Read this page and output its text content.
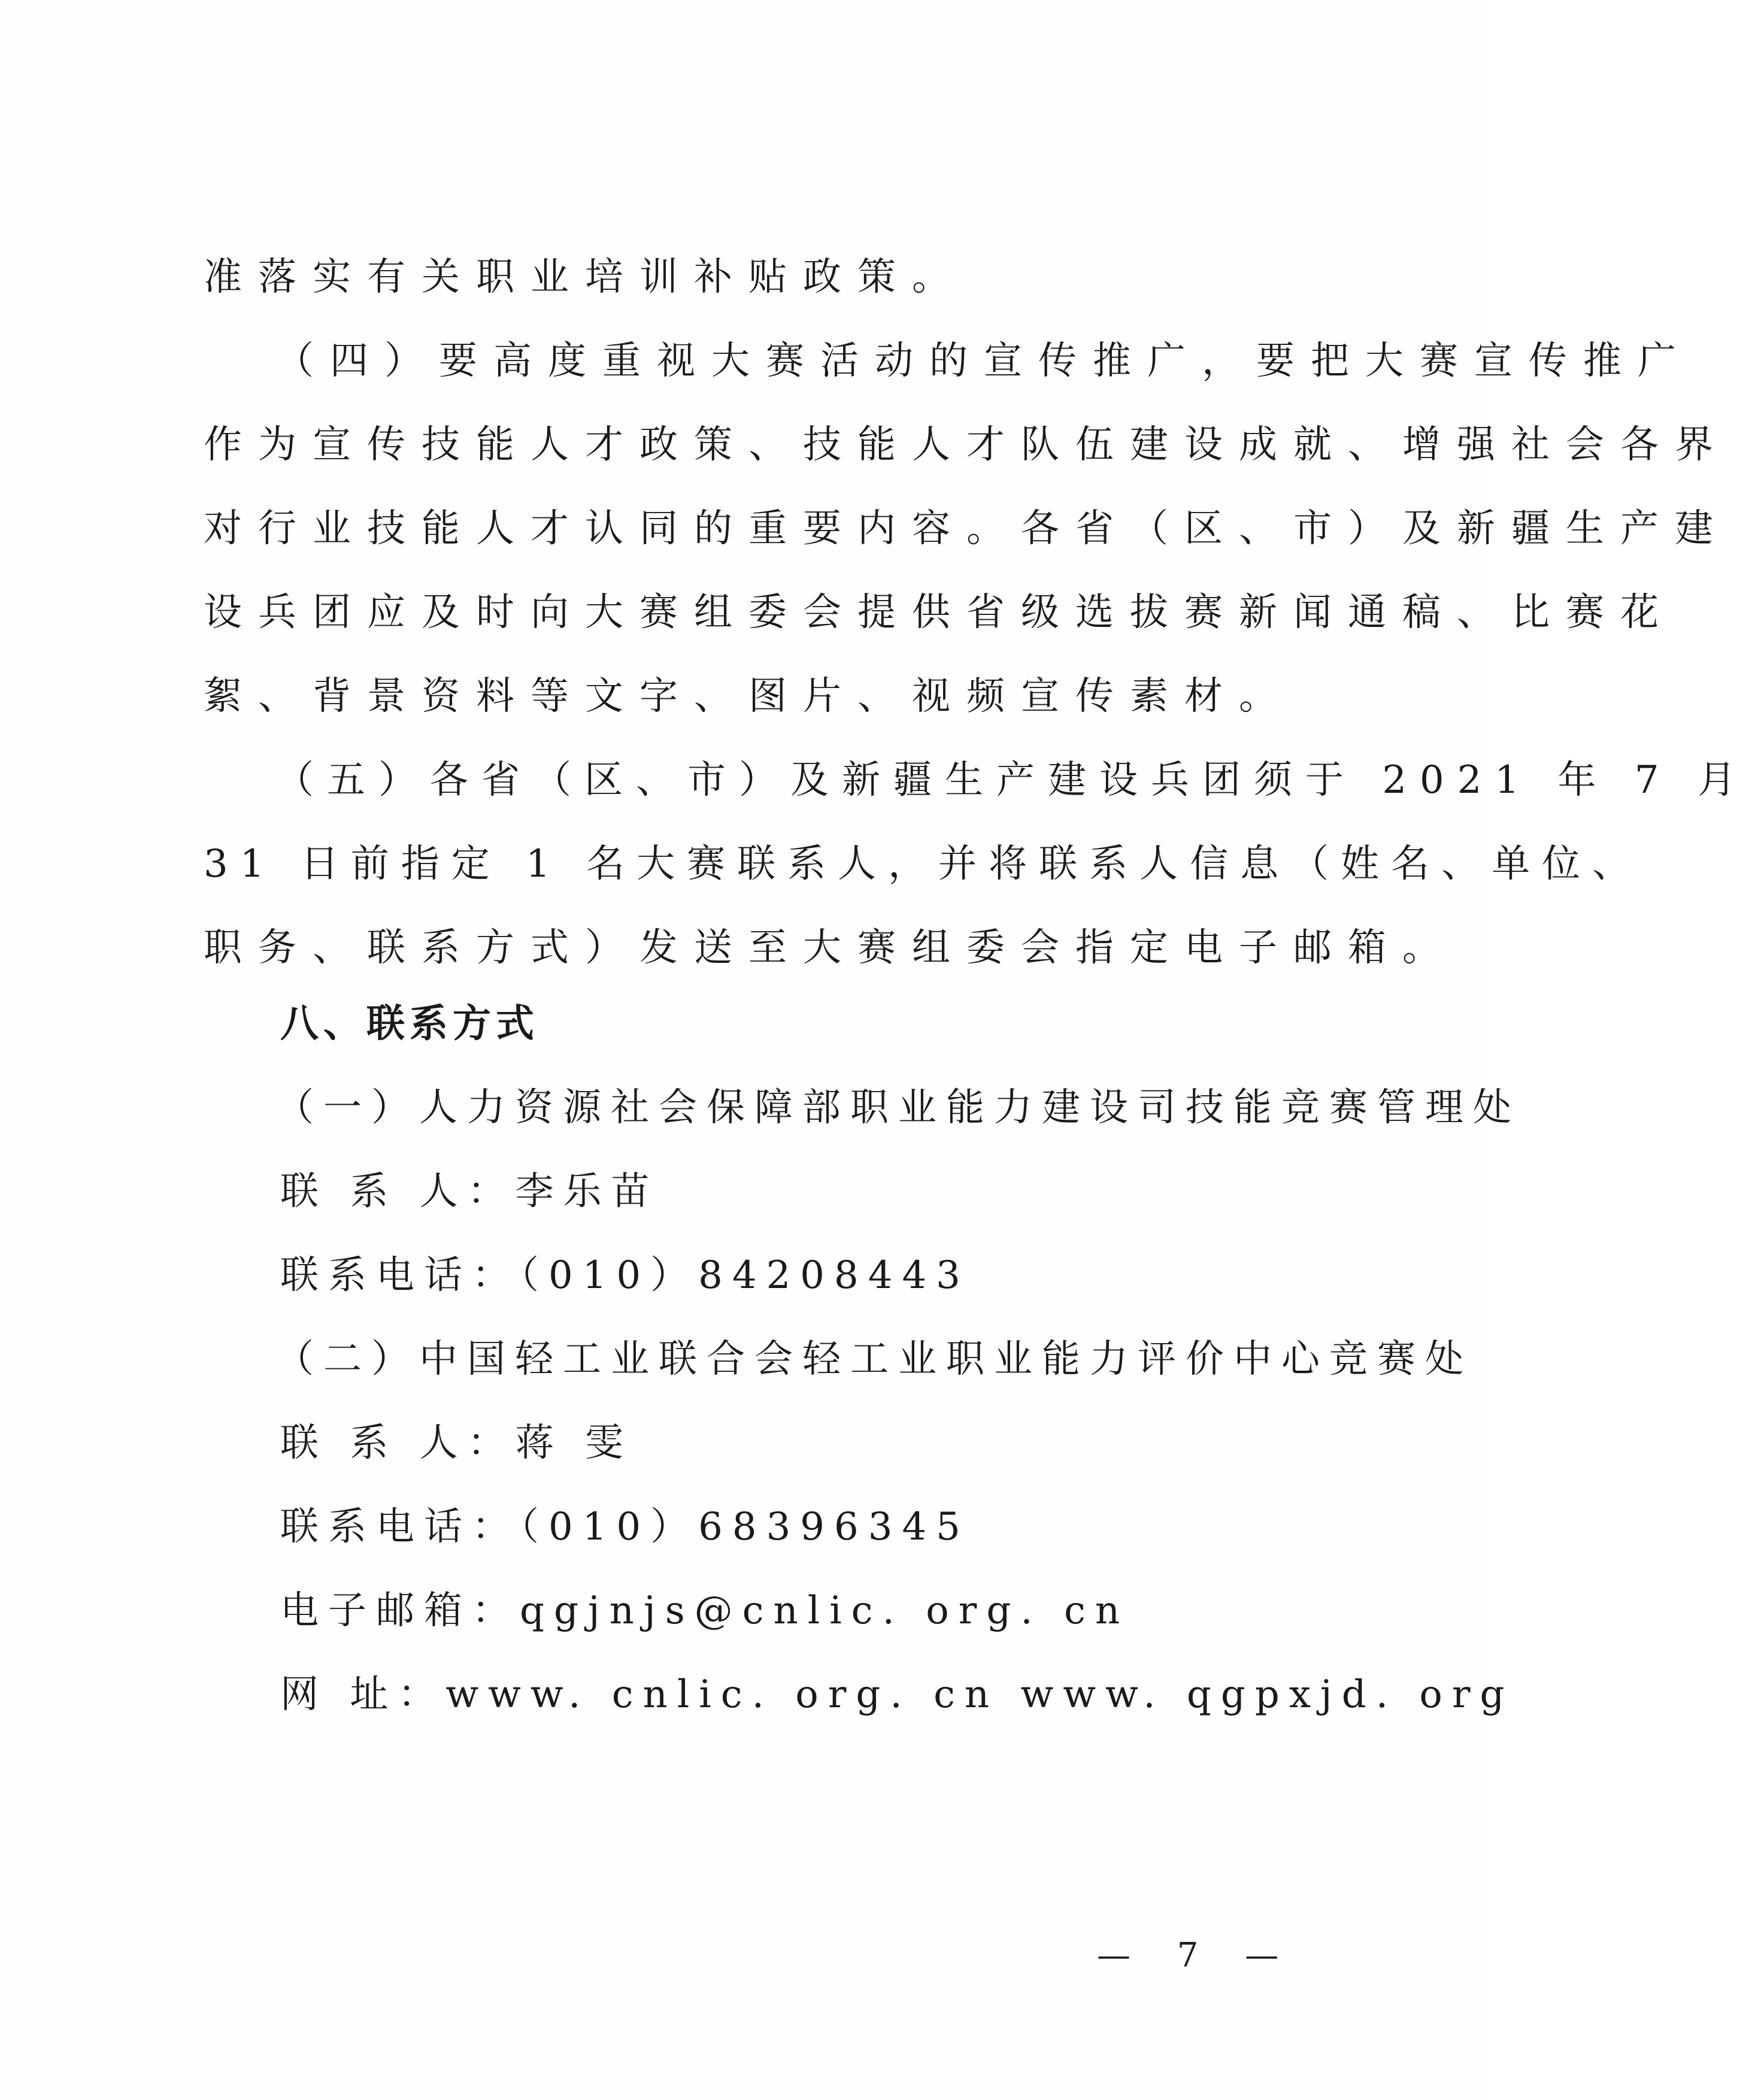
准落实有关职业培训补贴政策。
（四）要高度重视大赛活动的宣传推广，要把大赛宣传推广
作为宣传技能人才政策、技能人才队伍建设成就、增强社会各界
对行业技能人才认同的重要内容。各省（区、市）及新疆生产建
设兵团应及时向大赛组委会提供省级选拔赛新闻通稿、比赛花
絮、背景资料等文字、图片、视频宣传素材。
（五）各省（区、市）及新疆生产建设兵团须于 2021 年 7 月
31 日前指定 1 名大赛联系人，并将联系人信息（姓名、单位、
职务、联系方式）发送至大赛组委会指定电子邮箱。
八、联系方式
（一）人力资源社会保障部职业能力建设司技能竞赛管理处
联 系 人：李乐苗
联系电话：（010）84208443
（二）中国轻工业联合会轻工业职业能力评价中心竞赛处
联 系 人：蒋 雯
联系电话：（010）68396345
电子邮箱：qgjnjs@cnlic. org. cn
网 址：www. cnlic. org. cn www. qgpxjd. org
— 7 —
